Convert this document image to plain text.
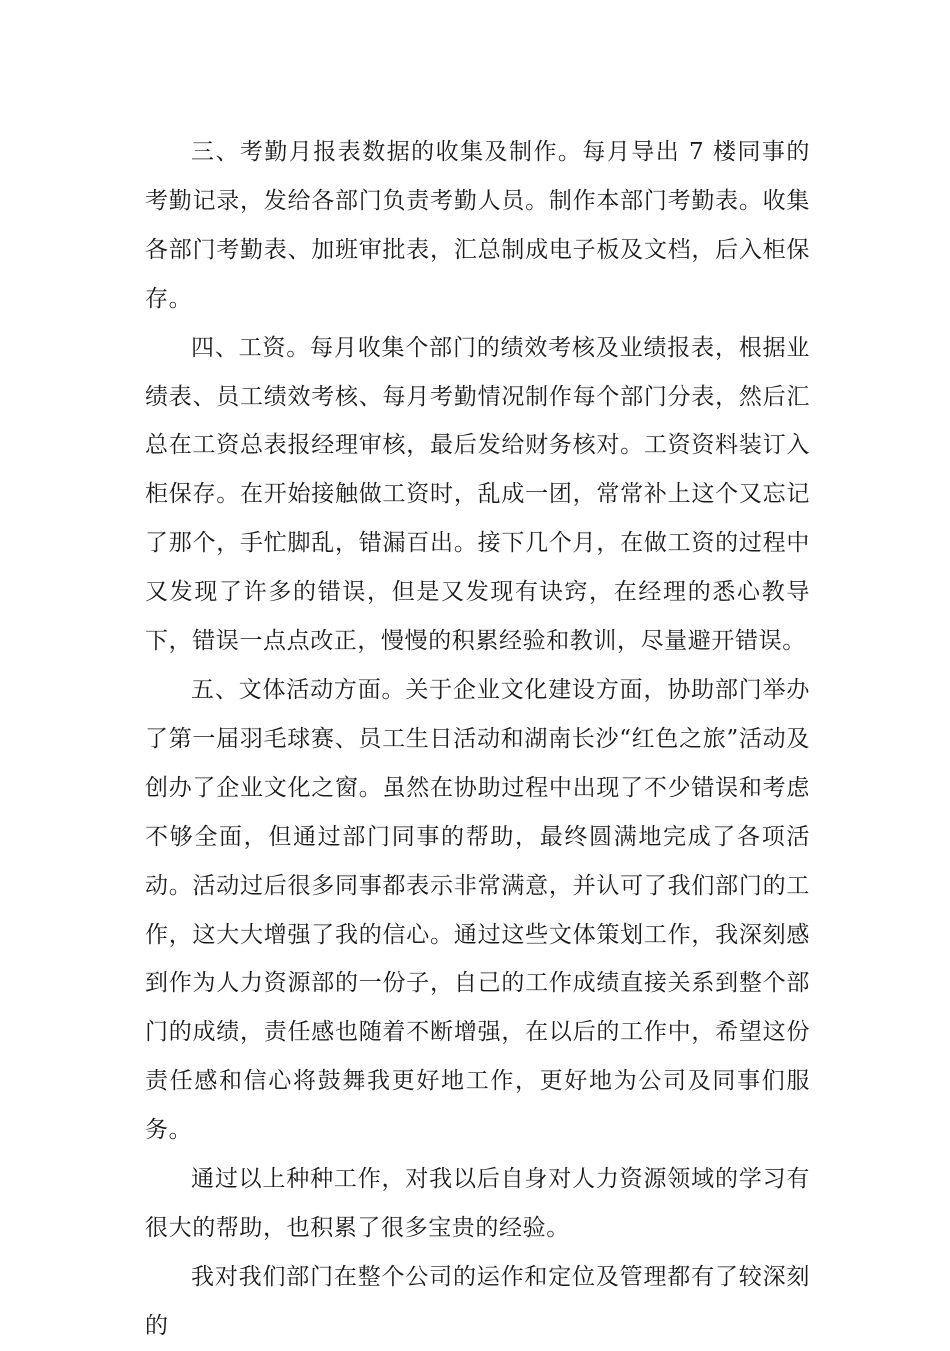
三、考勤月报表数据的收集及制作。每月导出 7 楼同事的考勤记录，发给各部门负责考勤人员。制作本部门考勤表。收集各部门考勤表、加班审批表，汇总制成电子板及文档，后入柜保存。

四、工资。每月收集个部门的绩效考核及业绩报表，根据业绩表、员工绩效考核、每月考勤情况制作每个部门分表，然后汇总在工资总表报经理审核，最后发给财务核对。工资资料装订入柜保存。在开始接触做工资时，乱成一团，常常补上这个又忘记了那个，手忙脚乱，错漏百出。接下几个月，在做工资的过程中又发现了许多的错误，但是又发现有诀窍，在经理的悉心教导下，错误一点点改正，慢慢的积累经验和教训，尽量避开错误。

五、文体活动方面。关于企业文化建设方面，协助部门举办了第一届羽毛球赛、员工生日活动和湖南长沙“红色之旅”活动及创办了企业文化之窗。虽然在协助过程中出现了不少错误和考虑不够全面，但通过部门同事的帮助，最终圆满地完成了各项活动。活动过后很多同事都表示非常满意，并认可了我们部门的工作，这大大增强了我的信心。通过这些文体策划工作，我深刻感到作为人力资源部的一份子，自己的工作成绩直接关系到整个部门的成绩，责任感也随着不断增强，在以后的工作中，希望这份责任感和信心将鼓舞我更好地工作，更好地为公司及同事们服务。

通过以上种种工作，对我以后自身对人力资源领域的学习有很大的帮助，也积累了很多宝贵的经验。

我对我们部门在整个公司的运作和定位及管理都有了较深刻的
